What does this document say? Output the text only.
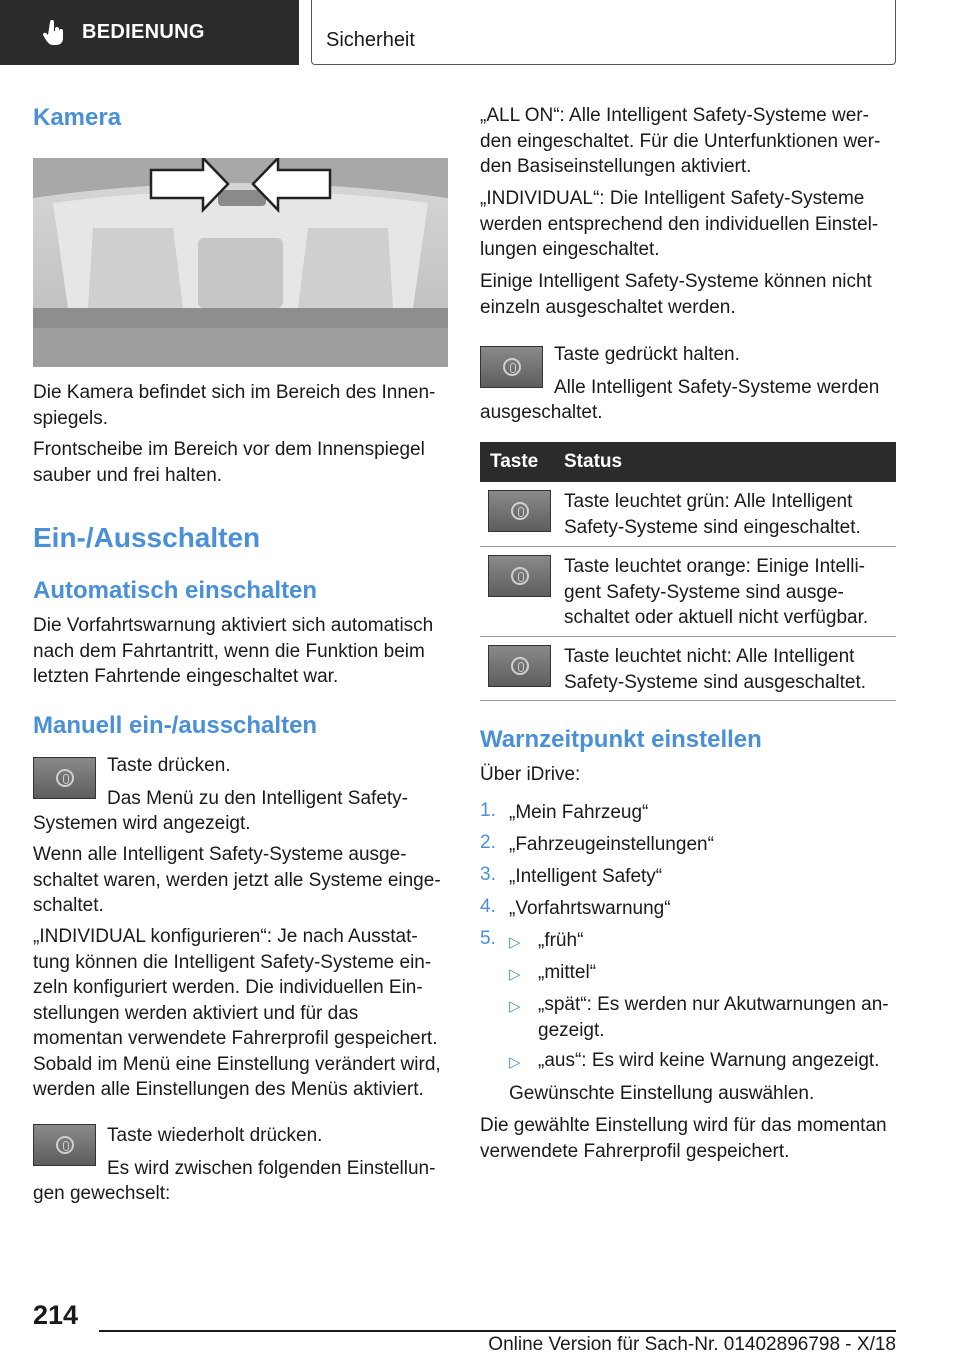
BEDIENUNG	Sicherheit
Kamera
Die Kamera befindet sich im Bereich des Innen-spiegels.
Frontscheibe im Bereich vor dem Innenspiegel sauber und frei halten.
Ein-/Ausschalten
Automatisch einschalten
Die Vorfahrtswarnung aktiviert sich automatisch nach dem Fahrtantritt, wenn die Funktion beim letzten Fahrtende eingeschaltet war.
Manuell ein-/ausschalten
Taste drücken.
Das Menü zu den Intelligent Safety-
Systemen wird angezeigt.
Wenn alle Intelligent Safety-Systeme ausge-schaltet waren, werden jetzt alle Systeme einge-schaltet.
„INDIVIDUAL konfigurieren“: Je nach Ausstat-tung können die Intelligent Safety-Systeme ein-zeln konfiguriert werden. Die individuellen Ein-stellungen werden aktiviert und für das momentan verwendete Fahrerprofil gespeichert. Sobald im Menü eine Einstellung verändert wird, werden alle Einstellungen des Menüs aktiviert.
Taste wiederholt drücken.
Es wird zwischen folgenden Einstellun-
gen gewechselt:
„ALL ON“: Alle Intelligent Safety-Systeme wer-den eingeschaltet. Für die Unterfunktionen wer-den Basiseinstellungen aktiviert.
„INDIVIDUAL“: Die Intelligent Safety-Systeme werden entsprechend den individuellen Einstel-lungen eingeschaltet.
Einige Intelligent Safety-Systeme können nicht einzeln ausgeschaltet werden.
Taste gedrückt halten.
Alle Intelligent Safety-Systeme werden
ausgeschaltet.
Taste Status
Taste leuchtet grün: Alle Intelligent Safety-Systeme sind eingeschaltet.
Taste leuchtet orange: Einige Intelli-gent Safety-Systeme sind ausge-schaltet oder aktuell nicht verfügbar.
Taste leuchtet nicht: Alle Intelligent Safety-Systeme sind ausgeschaltet.
Warnzeitpunkt einstellen
Über iDrive:
1. „Mein Fahrzeug“
2. „Fahrzeugeinstellungen“
3. „Intelligent Safety“
4. „Vorfahrtswarnung“
5. ▷ „früh“
▷ „mittel“
▷ „spät“: Es werden nur Akutwarnungen an-gezeigt.
▷ „aus“: Es wird keine Warnung angezeigt.
Gewünschte Einstellung auswählen.
Die gewählte Einstellung wird für das momentan verwendete Fahrerprofil gespeichert.
214
Online Version für Sach-Nr. 01402896798 - X/18
